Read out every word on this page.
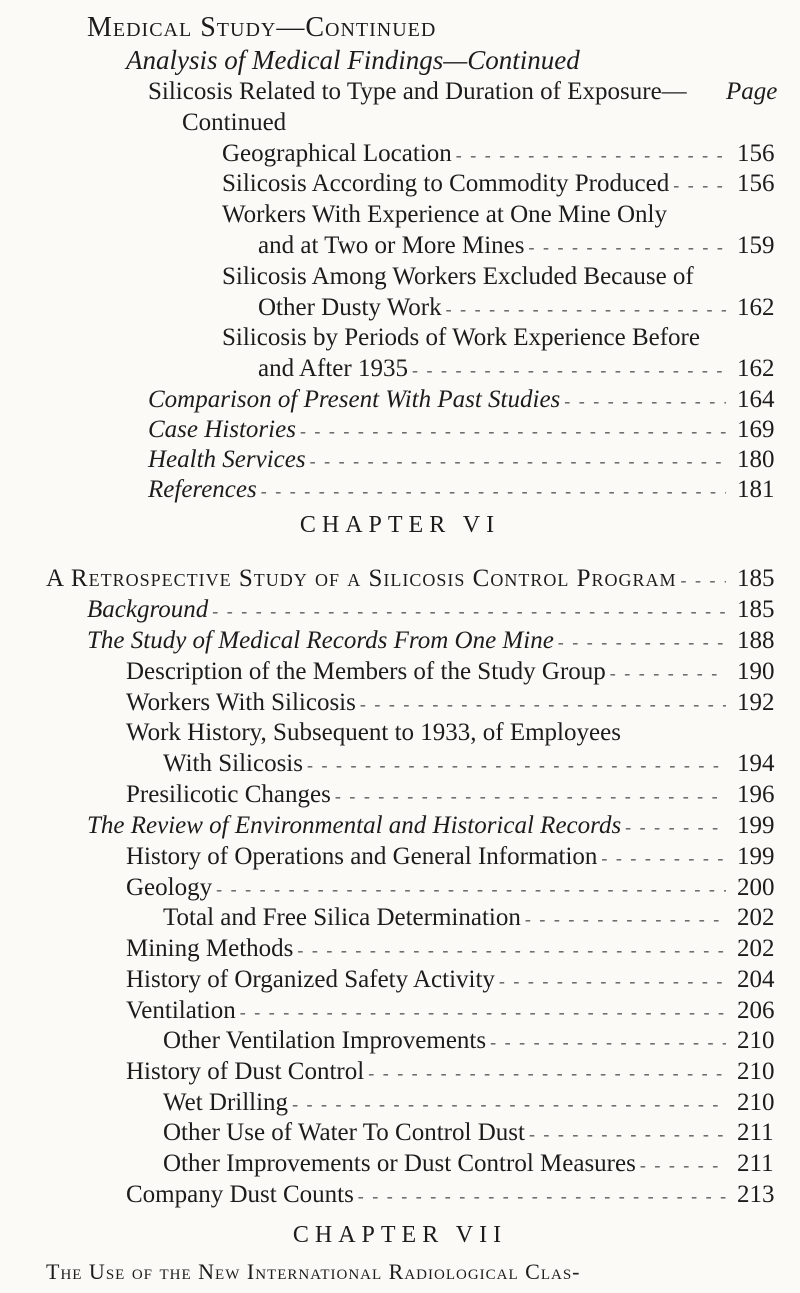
Medical Study—Continued
Analysis of Medical Findings—Continued
Silicosis Related to Type and Duration of Exposure— Page
Continued
Geographical Location - - -	156
Silicosis According to Commodity Produced - - -	156
Workers With Experience at One Mine Only
and at Two or More Mines - - -	159
Silicosis Among Workers Excluded Because of
Other Dusty Work - - -	162
Silicosis by Periods of Work Experience Before
and After 1935 - - -	162
Comparison of Present With Past Studies - - -	164
Case Histories - - -	169
Health Services - - -	180
References - - -	181
CHAPTER VI
A Retrospective Study of a Silicosis Control Program - - - 185
Background - - -	185
The Study of Medical Records From One Mine - - -	188
Description of the Members of the Study Group - - -	190
Workers With Silicosis - - -	192
Work History, Subsequent to 1933, of Employees
With Silicosis - - -	194
Presilicotic Changes - - -	196
The Review of Environmental and Historical Records - - -	199
History of Operations and General Information - - -	199
Geology - - -	200
Total and Free Silica Determination - - -	202
Mining Methods - - -	202
History of Organized Safety Activity - - -	204
Ventilation - - -	206
Other Ventilation Improvements - - -	210
History of Dust Control - - -	210
Wet Drilling - - -	210
Other Use of Water To Control Dust - - -	211
Other Improvements or Dust Control Measures - - -	211
Company Dust Counts - - -	213
CHAPTER VII
The Use of the New International Radiological Clas-
